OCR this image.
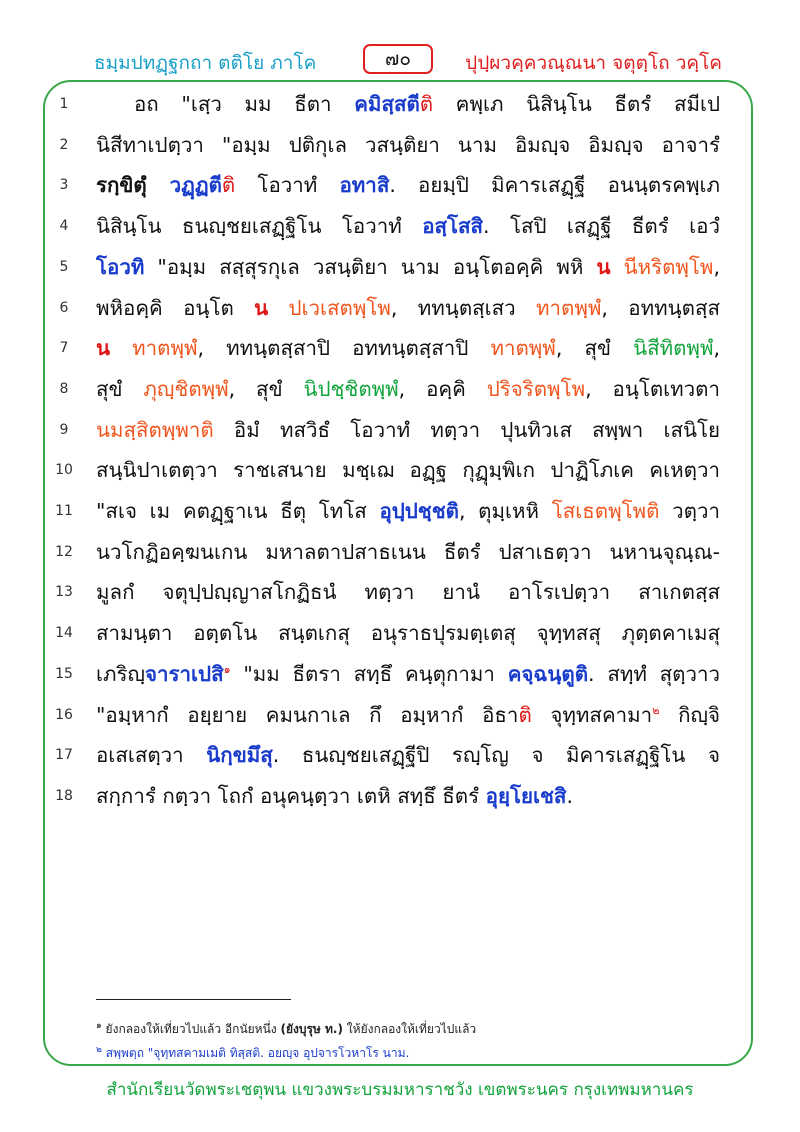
ธมฺมปทฏฺฐกถา ตติโย ภาโค	๗๐	ปุปฺผวคฺควณฺณนา จตุตฺโถ วคฺโค
1	อถ "เสฺว มม ธีตา คมิสฺสตีติ ฅพฺเภ นิสินฺโน ธีตรํ สมีเป
2	นิสีทาเปตฺวา "อมฺม ปติกุเล วสนฺติยา นาม อิมญฺจ อิมญฺจ อาจารํ
3	รกฺขิตุํ วฏฺฏตีติ โอวาทํ อทาสิ. อยมฺปิ มิคารเสฏฺฐี อนนฺตรคพฺเภ
4	นิสินฺโน ธนญฺชยเสฏฺฐิโน โอวาทํ อสฺโสสิ. โสปิ เสฏฺฐี ธีตรํ เอวํ
5	โอวทิ "อมฺม สสฺสุรกุเล วสนฺติยา นาม อนฺโตอคฺคิ พหิ น นีหริตพฺโพ,
6	พหิอคฺคิ อนฺโต น ปเวเสตพฺโพ, ททนฺตสฺเสว ทาตพฺพํ, อททนฺตสฺส
7	น ทาตพฺพํ, ททนฺตสฺสาปิ อททนฺตสฺสาปิ ทาตพฺพํ, สุขํ นิสีทิตพฺพํ,
8	สุขํ ภุญฺชิตพฺพํ, สุขํ นิปชฺชิตพฺพํ, อคฺคิ ปริจริตพฺโพ, อนฺโตเทวตา
9	นมสฺสิตพฺพาติ อิมํ ทสวิธํ โอวาทํ ทตฺวา ปุนทิวเส สพฺพา เสนิโย
10 สนฺนิปาเตตฺวา ราชเสนาย มชฺเฌ อฏฺฐ กุฏุมฺพิเก ปาฏิโภเค คเหตฺวา
11 "สเจ เม คตฏฺฐาเน ธีตุ โทโส อุปฺปชฺชติ, ตุมฺเหหิ โสเธตพฺโพติ วตฺวา
12 นวโกฏิอคฺฆนเกน มหาลตาปสาธเนน ธีตรํ ปสาเธตฺวา นหานจุณฺณ-
13 มูลกํ จตุปฺปญฺญาสโกฏิธนํ ทตฺวา ยานํ อาโรเปตฺวา สาเกตสฺส
14 สามนฺตา อตฺตโน สนฺตเกสุ อนุราธปุรมตฺเตสุ จุทฺทสสุ ภุตฺตคาเมสุ
15 เภริญฺจาราเปสิ$^๑$ "มม ธีตรา สทฺธึ คนฺตุกามา คจฺฉนฺตูติ. สทฺทํ สุตฺวาว
16 "อมฺหากํ อยฺยาย คมนกาเล กึ อมฺหากํ อิธาติ จุทฺทสคามา$^๒$ กิญฺจิ
17 อเสเสตฺวา นิกฺขมึสุ. ธนญฺชยเสฏฺฐีปิ รญฺโญ จ มิคารเสฏฺฐิโน จ
18 สกฺการํ กตฺวา โถกํ อนุคนฺตฺวา เตหิ สทฺธึ ธีตรํ อุยฺโยเชสิ.
$^๑$ ยังกลองให้เที่ยวไปแล้ว อีกนัยหนึ่ง (ยังบุรุษ ท.) ให้ยังกลองให้เที่ยวไปแล้ว
$^๒$ สพฺพตฺถ "จุทฺทสคามเมติ ทิสฺสติ. อยญฺจ อุปจารโวหาโร นาม.
สำนักเรียนวัดพระเชตุพน แขวงพระบรมมหาราชวัง เขตพระนคร กรุงเทพมหานคร
